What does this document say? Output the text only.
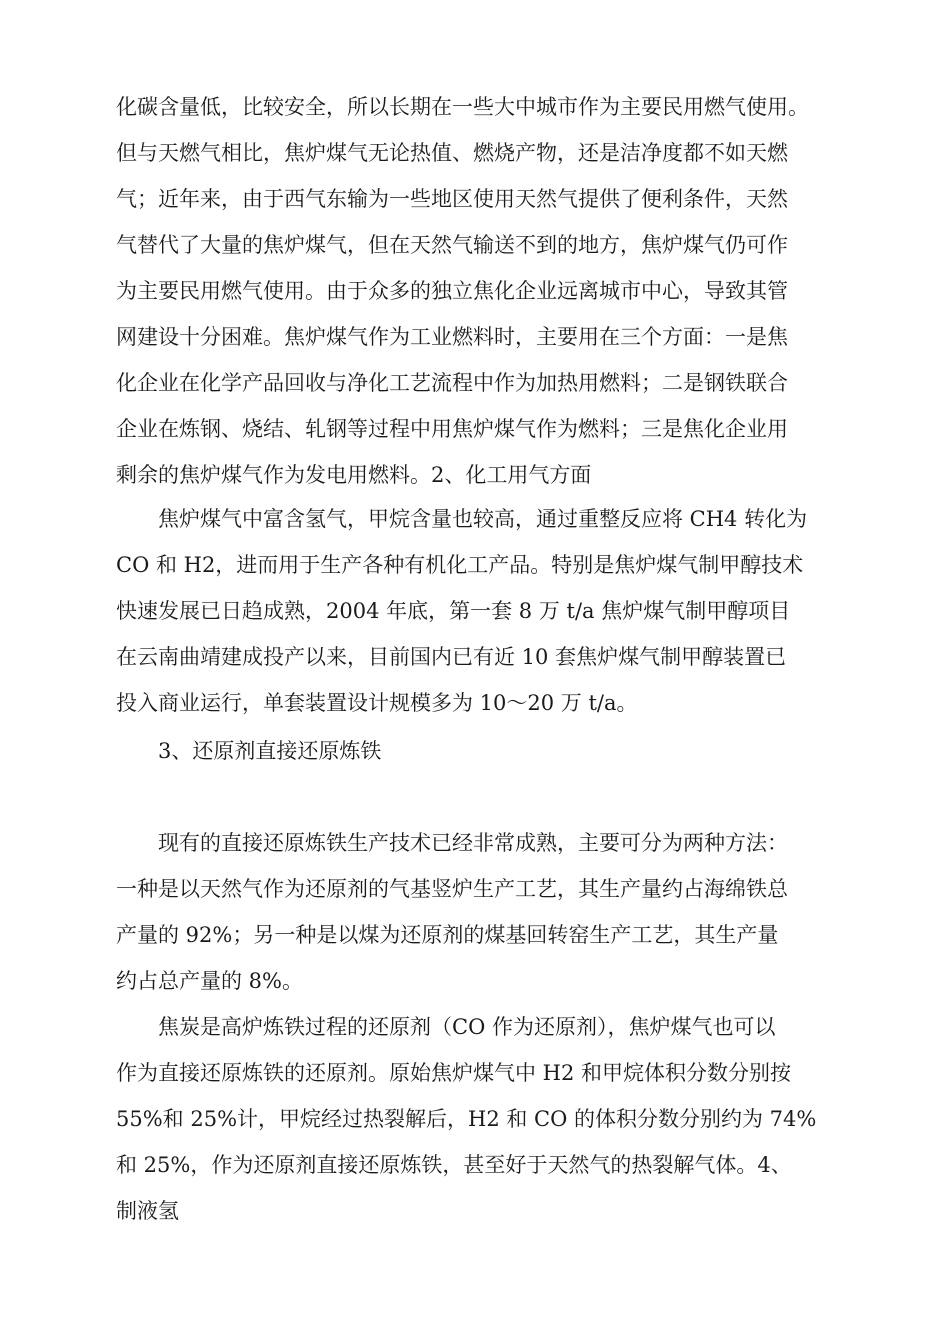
化碳含量低，比较安全，所以长期在一些大中城市作为主要民用燃气使用。
但与天燃气相比，焦炉煤气无论热值、燃烧产物，还是洁净度都不如天燃
气；近年来，由于西气东输为一些地区使用天然气提供了便利条件，天然
气替代了大量的焦炉煤气，但在天然气输送不到的地方，焦炉煤气仍可作
为主要民用燃气使用。由于众多的独立焦化企业远离城市中心，导致其管
网建设十分困难。焦炉煤气作为工业燃料时，主要用在三个方面：一是焦
化企业在化学产品回收与净化工艺流程中作为加热用燃料；二是钢铁联合
企业在炼钢、烧结、轧钢等过程中用焦炉煤气作为燃料；三是焦化企业用
剩余的焦炉煤气作为发电用燃料。2、化工用气方面

　　焦炉煤气中富含氢气，甲烷含量也较高，通过重整反应将 CH4 转化为
CO 和 H2，进而用于生产各种有机化工产品。特别是焦炉煤气制甲醇技术
快速发展已日趋成熟，2004 年底，第一套 8 万 t/a 焦炉煤气制甲醇项目
在云南曲靖建成投产以来，目前国内已有近 10 套焦炉煤气制甲醇装置已
投入商业运行，单套装置设计规模多为 10～20 万 t/a。

　　3、还原剂直接还原炼铁

　　现有的直接还原炼铁生产技术已经非常成熟，主要可分为两种方法：
一种是以天然气作为还原剂的气基竖炉生产工艺，其生产量约占海绵铁总
产量的 92%；另一种是以煤为还原剂的煤基回转窑生产工艺，其生产量
约占总产量的 8%。

　　焦炭是高炉炼铁过程的还原剂（CO 作为还原剂），焦炉煤气也可以
作为直接还原炼铁的还原剂。原始焦炉煤气中 H2 和甲烷体积分数分别按
55%和 25%计，甲烷经过热裂解后，H2 和 CO 的体积分数分别约为 74%
和 25%，作为还原剂直接还原炼铁，甚至好于天然气的热裂解气体。4、
制液氢
